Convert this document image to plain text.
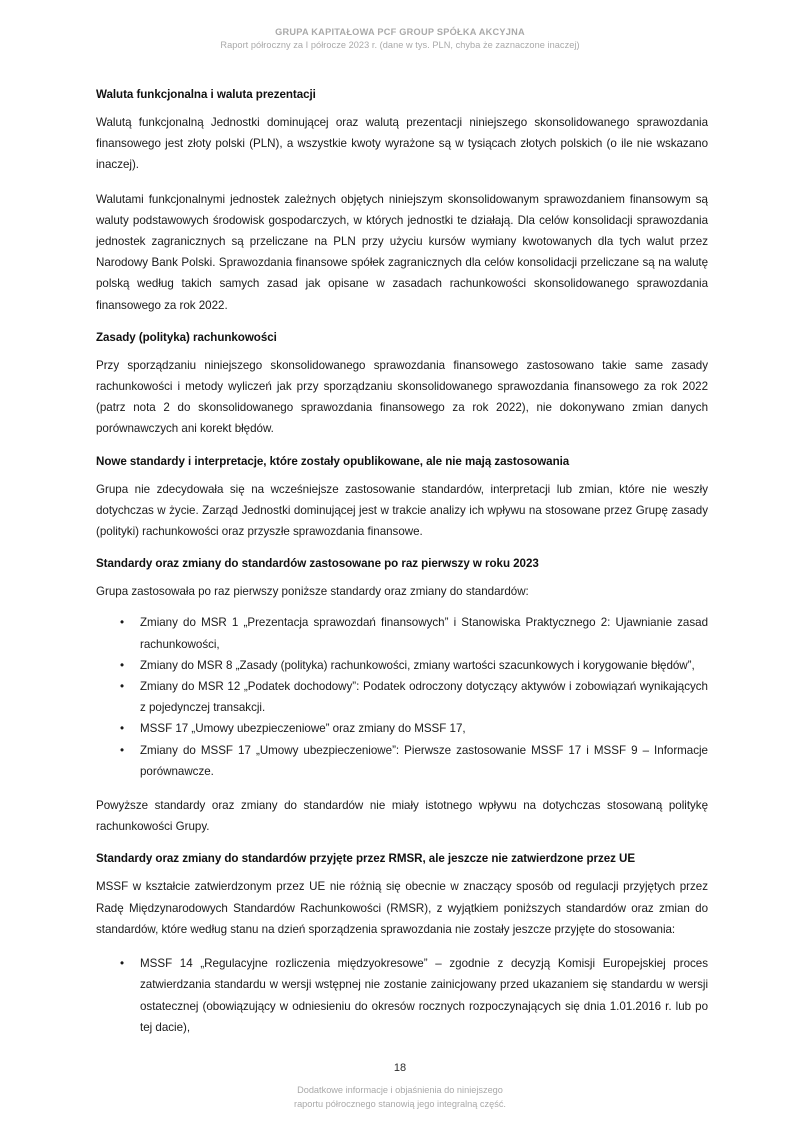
GRUPA KAPITAŁOWA PCF GROUP SPÓŁKA AKCYJNA
Raport półroczny za I półrocze 2023 r. (dane w tys. PLN, chyba że zaznaczone inaczej)
Waluta funkcjonalna i waluta prezentacji

Walutą funkcjonalną Jednostki dominującej oraz walutą prezentacji niniejszego skonsolidowanego sprawozdania finansowego jest złoty polski (PLN), a wszystkie kwoty wyrażone są w tysiącach złotych polskich (o ile nie wskazano inaczej).

Walutami funkcjonalnymi jednostek zależnych objętych niniejszym skonsolidowanym sprawozdaniem finansowym są waluty podstawowych środowisk gospodarczych, w których jednostki te działają. Dla celów konsolidacji sprawozdania jednostek zagranicznych są przeliczane na PLN przy użyciu kursów wymiany kwotowanych dla tych walut przez Narodowy Bank Polski. Sprawozdania finansowe spółek zagranicznych dla celów konsolidacji przeliczane są na walutę polską według takich samych zasad jak opisane w zasadach rachunkowości skonsolidowanego sprawozdania finansowego za rok 2022.

Zasady (polityka) rachunkowości

Przy sporządzaniu niniejszego skonsolidowanego sprawozdania finansowego zastosowano takie same zasady rachunkowości i metody wyliczeń jak przy sporządzaniu skonsolidowanego sprawozdania finansowego za rok 2022 (patrz nota 2 do skonsolidowanego sprawozdania finansowego za rok 2022), nie dokonywano zmian danych porównawczych ani korekt błędów.

Nowe standardy i interpretacje, które zostały opublikowane, ale nie mają zastosowania

Grupa nie zdecydowała się na wcześniejsze zastosowanie standardów, interpretacji lub zmian, które nie weszły dotychczas w życie. Zarząd Jednostki dominującej jest w trakcie analizy ich wpływu na stosowane przez Grupę zasady (polityki) rachunkowości oraz przyszłe sprawozdania finansowe.

Standardy oraz zmiany do standardów zastosowane po raz pierwszy w roku 2023

Grupa zastosowała po raz pierwszy poniższe standardy oraz zmiany do standardów:

• Zmiany do MSR 1 „Prezentacja sprawozdań finansowych” i Stanowiska Praktycznego 2: Ujawnianie zasad rachunkowości,
• Zmiany do MSR 8 „Zasady (polityka) rachunkowości, zmiany wartości szacunkowych i korygowanie błędów”,
• Zmiany do MSR 12 „Podatek dochodowy”: Podatek odroczony dotyczący aktywów i zobowiązań wynikających z pojedynczej transakcji.
• MSSF 17 „Umowy ubezpieczeniowe” oraz zmiany do MSSF 17,
• Zmiany do MSSF 17 „Umowy ubezpieczeniowe”: Pierwsze zastosowanie MSSF 17 i MSSF 9 – Informacje porównawcze.

Powyższe standardy oraz zmiany do standardów nie miały istotnego wpływu na dotychczas stosowaną politykę rachunkowości Grupy.

Standardy oraz zmiany do standardów przyjęte przez RMSR, ale jeszcze nie zatwierdzone przez UE

MSSF w kształcie zatwierdzonym przez UE nie różnią się obecnie w znaczący sposób od regulacji przyjętych przez Radę Międzynarodowych Standardów Rachunkowości (RMSR), z wyjątkiem poniższych standardów oraz zmian do standardów, które według stanu na dzień sporządzenia sprawozdania nie zostały jeszcze przyjęte do stosowania:

• MSSF 14 „Regulacyjne rozliczenia międzyokresowe” – zgodnie z decyzją Komisji Europejskiej proces zatwierdzania standardu w wersji wstępnej nie zostanie zainicjowany przed ukazaniem się standardu w wersji ostatecznej (obowiązujący w odniesieniu do okresów rocznych rozpoczynających się dnia 1.01.2016 r. lub po tej dacie),
18
Dodatkowe informacje i objaśnienia do niniejszego
raportu półrocznego stanowią jego integralną część.
